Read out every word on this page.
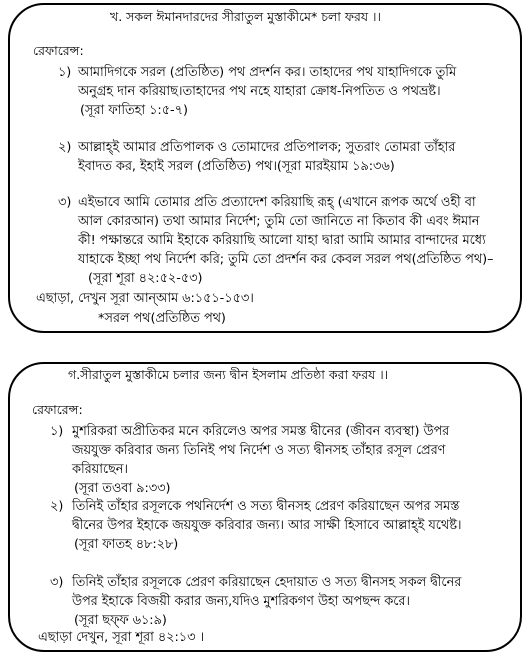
খ. সকল ঈমানদারদের সীরাতুল মুস্তাকীমে* চলা ফরয ।।
রেফারেন্স:
১) আমাদিগকে সরল (প্রতিষ্ঠিত) পথ প্রদর্শন কর। তাহাদের পথ যাহাদিগকে তুমি অনুগ্রহ দান করিয়াছ।তাহাদের পথ নহে যাহারা ক্রোধ-নিপতিত ও পথভ্রষ্ট।
(সূরা ফাতিহা ১:৫-৭)
২) আল্লাহ্ই আমার প্রতিপালক ও তোমাদের প্রতিপালক; সুতরাং তোমরা তাঁহার ইবাদত কর, ইহাই সরল (প্রতিষ্ঠিত) পথ।(সূরা মারইয়াম ১৯:৩৬)
৩) এইভাবে আমি তোমার প্রতি প্রত্যাদেশ করিয়াছি রূহ্ (এখানে রূপক অর্থে ওহী বা আল কোরআন) তথা আমার নির্দেশ; তুমি তো জানিতে না কিতাব কী এবং ঈমান কী! পক্ষান্তরে আমি ইহাকে করিয়াছি আলো যাহা দ্বারা আমি আমার বান্দাদের মধ্যে যাহাকে ইচ্ছা পথ নির্দেশ করি; তুমি তো প্রদর্শন কর কেবল সরল পথ(প্রতিষ্ঠিত পথ)– (সূরা শূরা ৪২:৫২-৫৩)
এছাড়া, দেখুন সূরা আন্আম ৬:১৫১-১৫৩।
*সরল পথ(প্রতিষ্ঠিত পথ)
গ.সীরাতুল মুস্তাকীমে চলার জন্য দ্বীন ইসলাম প্রতিষ্ঠা করা ফরয ।।
রেফারেন্স:
১) মুশরিকরা অপ্রীতিকর মনে করিলেও অপর সমস্ত দ্বীনের (জীবন ব্যবস্থা) উপর জয়যুক্ত করিবার জন্য তিনিই পথ নির্দেশ ও সত্য দ্বীনসহ তাঁহার রসূল প্রেরণ করিয়াছেন।
(সূরা তওবা ৯:৩৩)
২) তিনিই তাঁহার রসূলকে পথনির্দেশ ও সত্য দ্বীনসহ প্রেরণ করিয়াছেন অপর সমস্ত দ্বীনের উপর ইহাকে জয়যুক্ত করিবার জন্য। আর সাক্ষী হিসাবে আল্লাহ্ই যথেষ্ট।
(সূরা ফাতহ ৪৮:২৮)
৩) তিনিই তাঁহার রসূলকে প্রেরণ করিয়াছেন হেদায়াত ও সত্য দ্বীনসহ সকল দ্বীনের উপর ইহাকে বিজয়ী করার জন্য,যদিও মুশরিকগণ উহা অপছন্দ করে।
(সূরা ছফ্ফ ৬১:৯)
এছাড়া দেখুন, সূরা শূরা ৪২:১৩ ।
